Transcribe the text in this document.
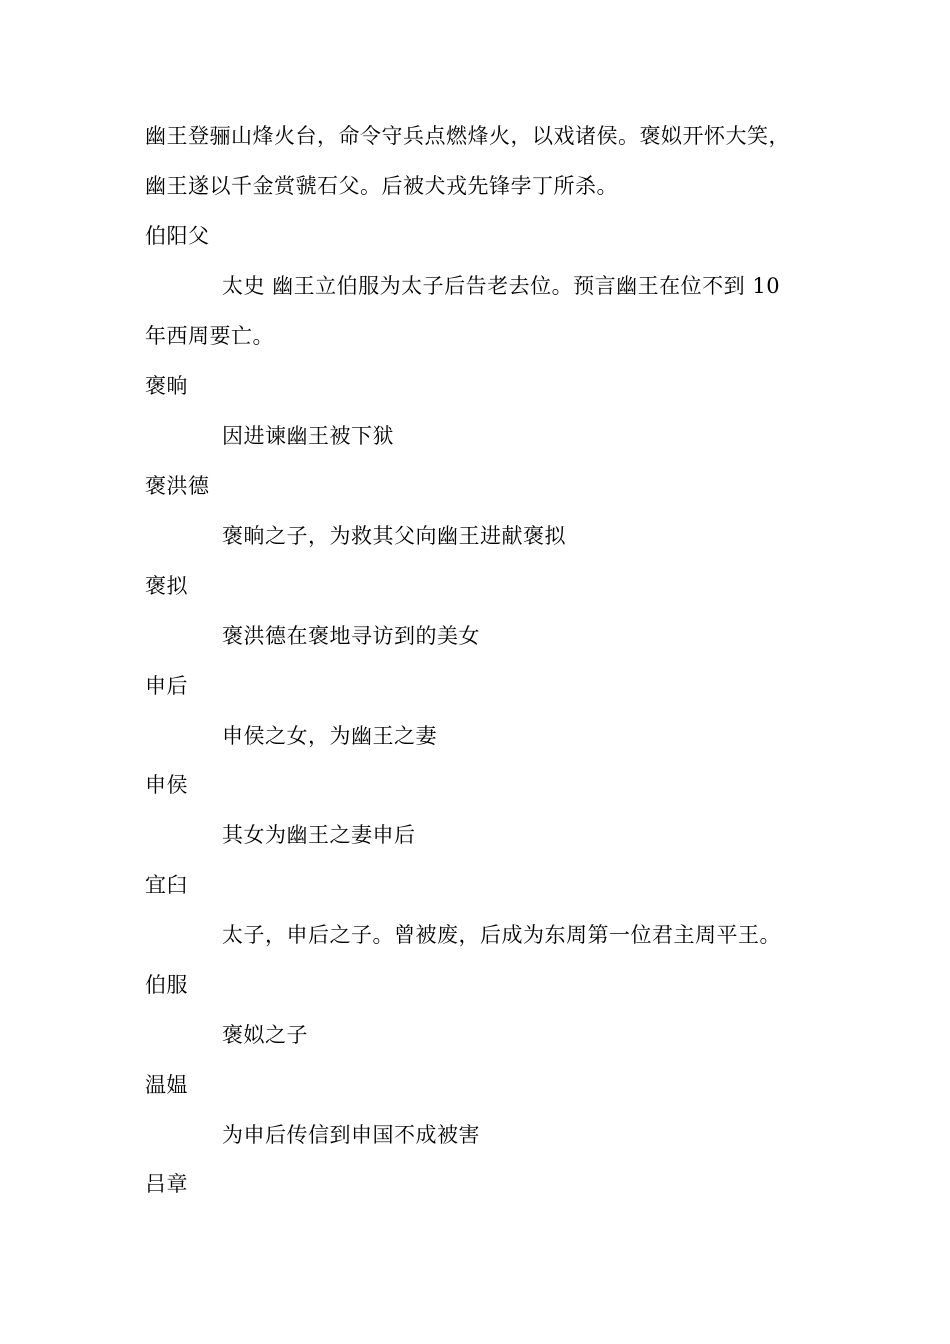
幽王登骊山烽火台，命令守兵点燃烽火，以戏诸侯。褒姒开怀大笑，
幽王遂以千金赏虢石父。后被犬戎先锋孛丁所杀。
伯阳父
太史 幽王立伯服为太子后告老去位。预言幽王在位不到 10
年西周要亡。
褒晌
因进谏幽王被下狱
褒洪德
褒晌之子，为救其父向幽王进献褒拟
褒拟
褒洪德在褒地寻访到的美女
申后
申侯之女，为幽王之妻
申侯
其女为幽王之妻申后
宜臼
太子，申后之子。曾被废，后成为东周第一位君主周平王。
伯服
褒姒之子
温媪
为申后传信到申国不成被害
吕章
